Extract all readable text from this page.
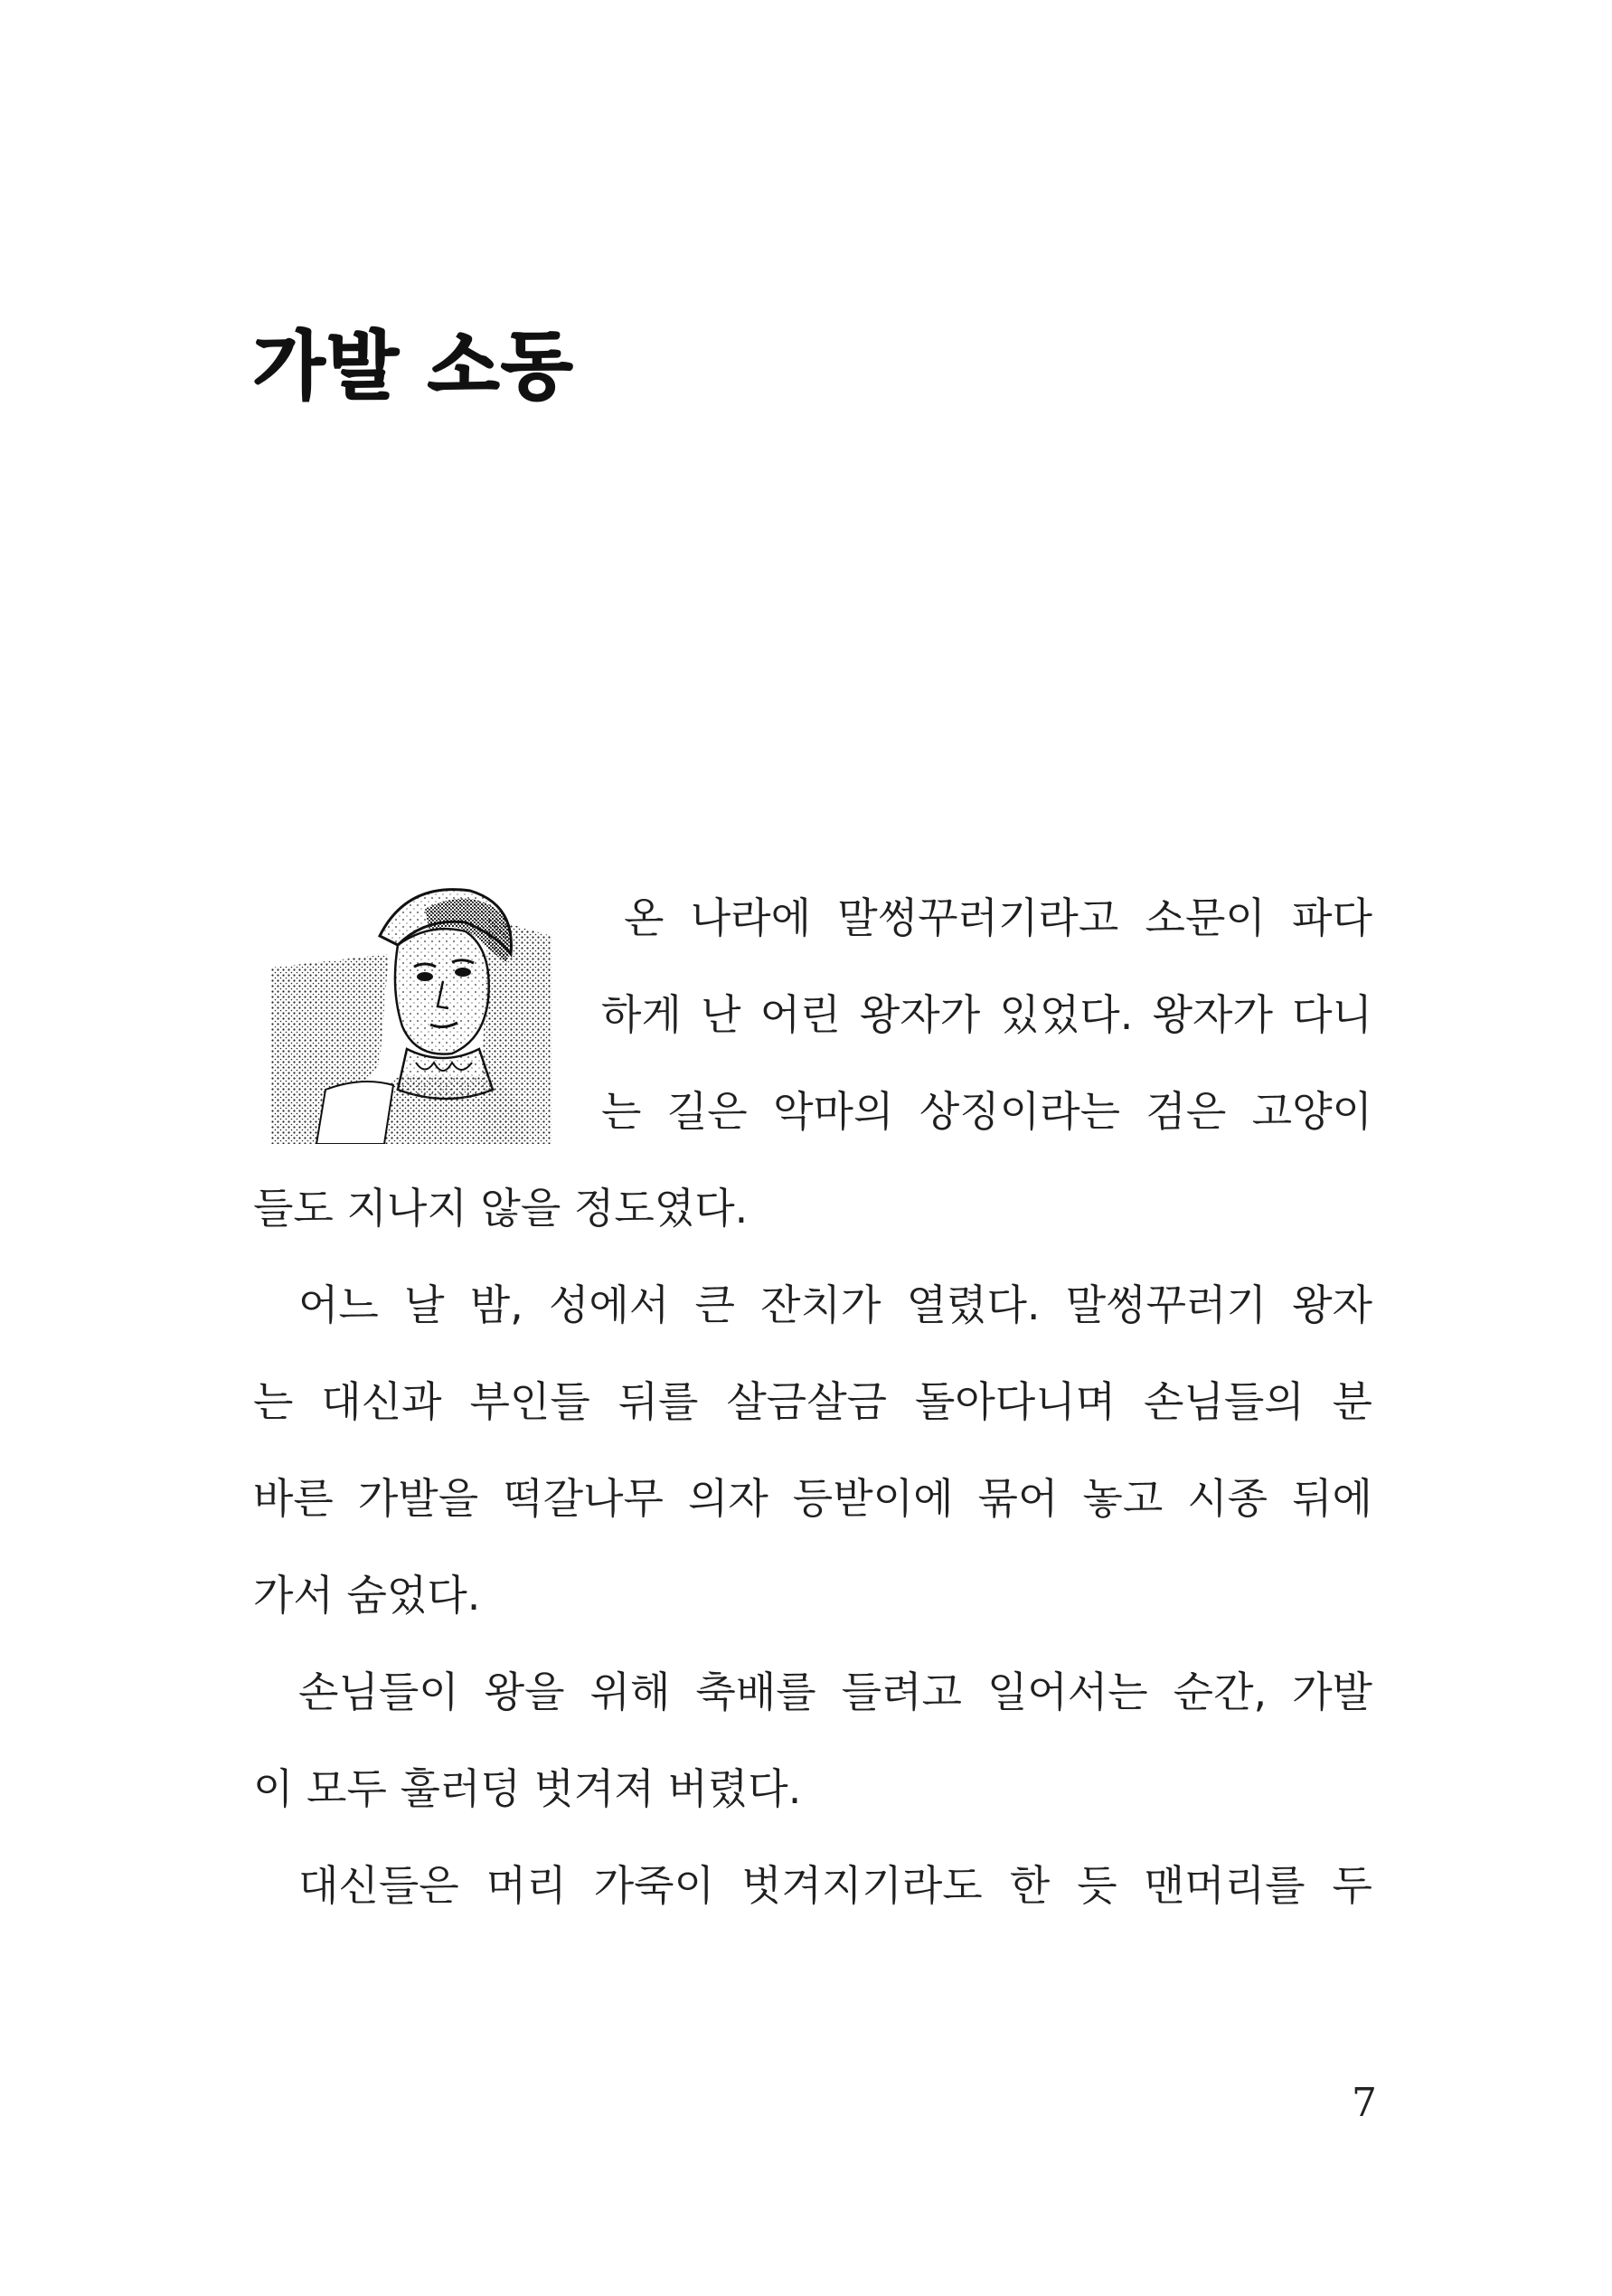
가발 소동

온 나라에 말썽꾸러기라고 소문이 파다

하게 난 어린 왕자가 있었다. 왕자가 다니

는 길은 악마의 상징이라는 검은 고양이

들도 지나지 않을 정도였다.

어느 날 밤, 성에서 큰 잔치가 열렸다. 말썽꾸러기 왕자

는 대신과 부인들 뒤를 살금살금 돌아다니며 손님들의 분

바른 가발을 떡갈나무 의자 등받이에 묶어 놓고 시종 뒤에

가서 숨었다.

손님들이 왕을 위해 축배를 들려고 일어서는 순간, 가발

이 모두 훌러덩 벗겨져 버렸다.

대신들은 머리 가죽이 벗겨지기라도 한 듯 맨머리를 두

7
